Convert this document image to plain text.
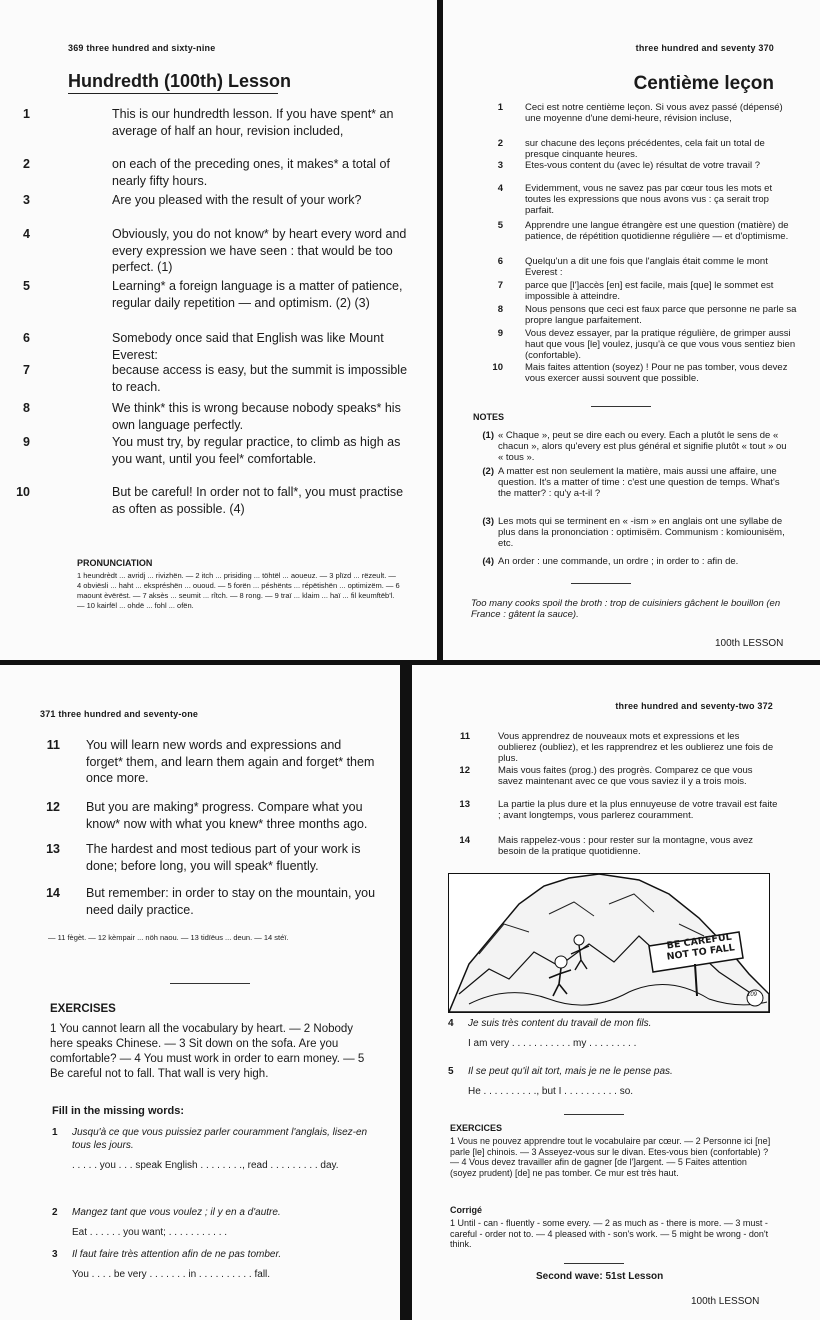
369 three hundred and sixty-nine
Hundredth (100th) Lesson
1	This is our hundredth lesson. If you have spent* an average of half an hour, revision included,
2	on each of the preceding ones, it makes* a total of nearly fifty hours.
3	Are you pleased with the result of your work?
4	Obviously, you do not know* by heart every word and every expression we have seen : that would be too perfect. (1)
5	Learning* a foreign language is a matter of patience, regular daily repetition — and optimism. (2) (3)
6	Somebody once said that English was like Mount Everest:
7	because access is easy, but the summit is impossible to reach.
8	We think* this is wrong because nobody speaks* his own language perfectly.
9	You must try, by regular practice, to climb as high as you want, until you feel* comfortable.
10	But be careful! In order not to fall*, you must practise as often as possible. (4)
PRONUNCIATION
1 heundrèdt ... avridj ... rivizhën. — 2 itch ... prisiding ... töhtël ... aoueuz. — 3 plïzd ... rëzeult. — 4 obviësli ... haht ... ekspréshën ... ououd. — 5 forën ... péshënts ... répëtishën ... optimizëm. — 6 maount èvërëst. — 7 aksès ... seumit ... rîtch. — 8 rong. — 9 traï ... klaim ... haï ... fil keumftëb'l. — 10 kairfël ... ohdë ... fohl ... ofën.
three hundred and seventy 370
Centième leçon
1 Ceci est notre centième leçon. Si vous avez passé (dépensé) une moyenne d'une demi-heure, révision incluse,
2 sur chacune des leçons précédentes, cela fait un total de presque cinquante heures.
3 Etes-vous content du (avec le) résultat de votre travail ?
4 Evidemment, vous ne savez pas par cœur tous les mots et toutes les expressions que nous avons vus : ça serait trop parfait.
5 Apprendre une langue étrangère est une question (matière) de patience, de répétition quotidienne régulière — et d'optimisme.
6 Quelqu'un a dit une fois que l'anglais était comme le mont Everest :
7 parce que [l']accès [en] est facile, mais [que] le sommet est impossible à atteindre.
8 Nous pensons que ceci est faux parce que personne ne parle sa propre langue parfaitement.
9 Vous devez essayer, par la pratique régulière, de grimper aussi haut que vous [le] voulez, jusqu'à ce que vous vous sentiez bien (confortable).
10 Mais faites attention (soyez) ! Pour ne pas tomber, vous devez vous exercer aussi souvent que possible.
NOTES
(1) « Chaque », peut se dire each ou every. Each a plutôt le sens de « chacun », alors qu'every est plus général et signifie plutôt « tout » ou « tous ».
(2) A matter est non seulement la matière, mais aussi une affaire, une question. It's a matter of time : c'est une question de temps. What's the matter? : qu'y a-t-il ?
(3) Les mots qui se terminent en « -ism » en anglais ont une syllabe de plus dans la prononciation : optimisëm. Communism : komiounisëm, etc.
(4) An order : une commande, un ordre ; in order to : afin de.
Too many cooks spoil the broth : trop de cuisiniers gâchent le bouillon (en France : gâtent la sauce).
100th LESSON
371 three hundred and seventy-one
11	You will learn new words and expressions and forget* them, and learn them again and forget* them once more.
12	But you are making* progress. Compare what you know* now with what you knew* three months ago.
13	The hardest and most tedious part of your work is done; before long, you will speak* fluently.
14	But remember: in order to stay on the mountain, you need daily practice.
— 11 fègèt. — 12 kèmpair ... nöh naou. — 13 tidïëus ... deun. — 14 stéï.
EXERCISES
1 You cannot learn all the vocabulary by heart. — 2 Nobody here speaks Chinese. — 3 Sit down on the sofa. Are you comfortable? — 4 You must work in order to earn money. — 5 Be careful not to fall. That wall is very high.
Fill in the missing words:
1 Jusqu'à ce que vous puissiez parler couramment l'anglais, lisez-en tous les jours.
. . . . . you . . . speak English . . . . . . . ., read . . . . . . . . . day.
2 Mangez tant que vous voulez ; il y en a d'autre.
Eat . . . . . . you want; . . . . . . . . . . .
3 Il faut faire très attention afin de ne pas tomber.
You . . . . be very . . . . . . . in . . . . . . . . . . fall.
three hundred and seventy-two 372
11	Vous apprendrez de nouveaux mots et expressions et les oublierez (oubliez), et les rapprendrez et les oublierez une fois de plus.
12	Mais vous faites (prog.) des progrès. Comparez ce que vous savez maintenant avec ce que vous saviez il y a trois mois.
13	La partie la plus dure et la plus ennuyeuse de votre travail est faite ; avant longtemps, vous parlerez couramment.
14	Mais rappelez-vous : pour rester sur la montagne, vous avez besoin de la pratique quotidienne.
BE CAREFUL NOT TO FALL
109
4 Je suis très content du travail de mon fils.
I am very . . . . . . . . . . . my . . . . . . . . .
5 Il se peut qu'il ait tort, mais je ne le pense pas.
He . . . . . . . . . ., but I . . . . . . . . . . so.
EXERCICES
1 Vous ne pouvez apprendre tout le vocabulaire par cœur. — 2 Personne ici [ne] parle [le] chinois. — 3 Asseyez-vous sur le divan. Etes-vous bien (confortable) ? — 4 Vous devez travailler afin de gagner [de l']argent. — 5 Faites attention (soyez prudent) [de] ne pas tomber. Ce mur est très haut.
Corrigé
1 Until - can - fluently - some every. — 2 as much as - there is more. — 3 must - careful - order not to. — 4 pleased with - son's work. — 5 might be wrong - don't think.
Second wave: 51st Lesson
100th LESSON
